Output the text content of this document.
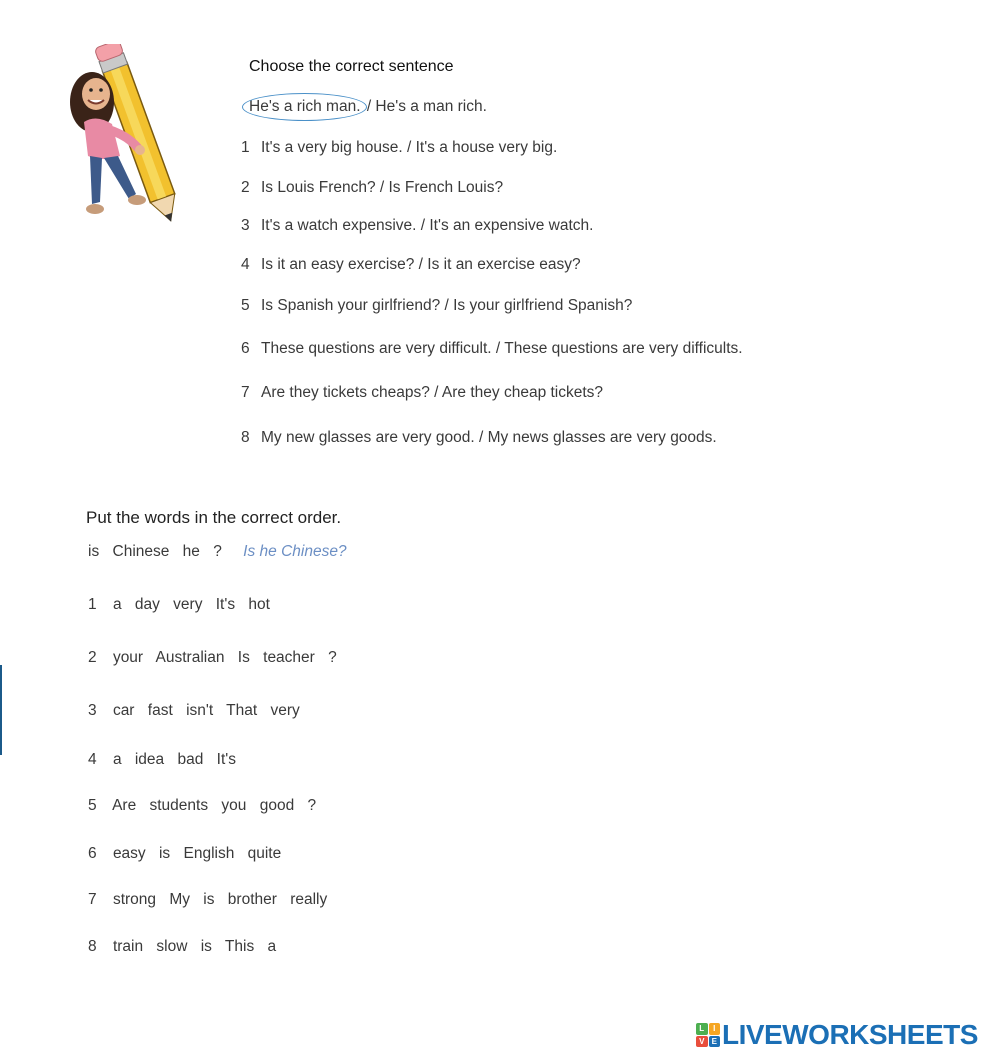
Choose the correct sentence
He's a rich man. / He's a man rich.
1 It's a very big house. / It's a house very big.
2 Is Louis French? / Is French Louis?
3 It's a watch expensive. / It's an expensive watch.
4 Is it an easy exercise? / Is it an exercise easy?
5 Is Spanish your girlfriend? / Is your girlfriend Spanish?
6 These questions are very difficult. / These questions are very difficults.
7 Are they tickets cheaps? / Are they cheap tickets?
8 My new glasses are very good. / My news glasses are very goods.
Put the words in the correct order.
is Chinese he ? Is he Chinese?
1 a day very It's hot
2 your Australian Is teacher ?
3 car fast isn't That very
4 a idea bad It's
5 Are students you good ?
6 easy is English quite
7 strong My is brother really
8 train slow is This a
L	I
V E LIVEWORKSHEETS
